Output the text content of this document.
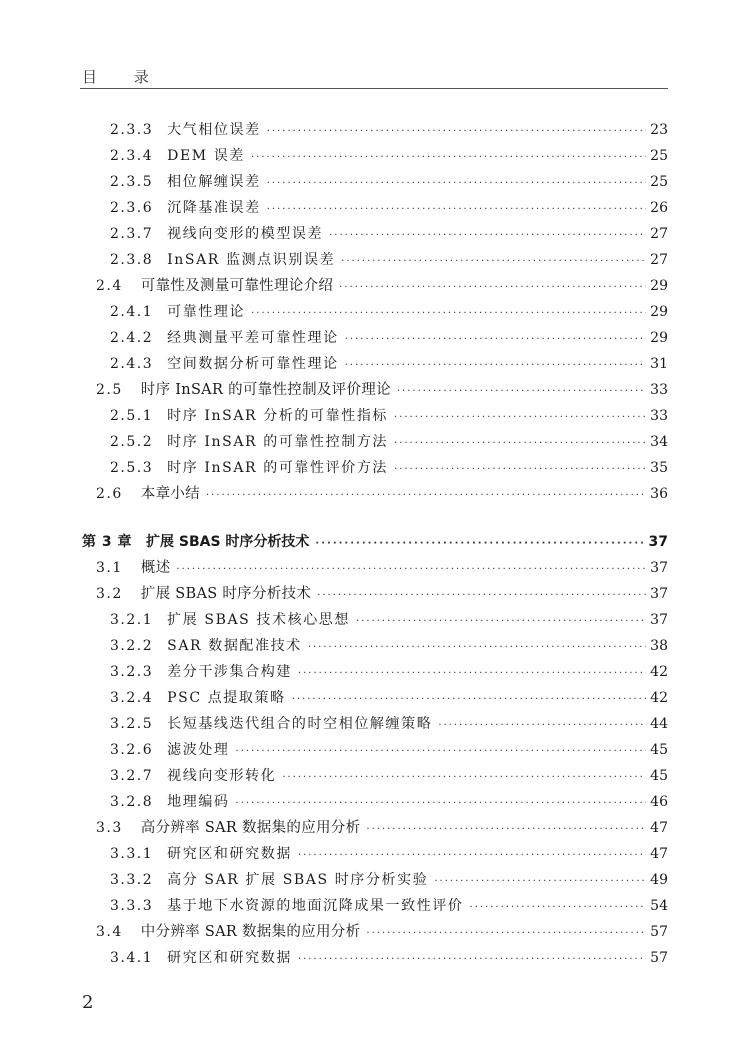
目 录
2.3.3	大气相位误差 ·····	23
2.3.4	DEM 误差 ·····	25
2.3.5	相位解缠误差 ·····	25
2.3.6	沉降基准误差 ·····	26
2.3.7	视线向变形的模型误差 ·····	27
2.3.8	InSAR 监测点识别误差 ·····	27
2.4	可靠性及测量可靠性理论介绍 ·····	29
2.4.1	可靠性理论 ·····	29
2.4.2	经典测量平差可靠性理论 ·····	29
2.4.3	空间数据分析可靠性理论 ·····	31
2.5	时序 InSAR 的可靠性控制及评价理论 ·····	33
2.5.1	时序 InSAR 分析的可靠性指标 ·····	33
2.5.2	时序 InSAR 的可靠性控制方法 ·····	34
2.5.3	时序 InSAR 的可靠性评价方法 ·····	35
2.6	本章小结 ·····	36
第 3 章	扩展 SBAS 时序分析技术 ·····	37
3.1	概述 ·····	37
3.2	扩展 SBAS 时序分析技术 ·····	37
3.2.1	扩展 SBAS 技术核心思想 ·····	37
3.2.2	SAR 数据配准技术 ·····	38
3.2.3	差分干涉集合构建 ·····	42
3.2.4	PSC 点提取策略 ·····	42
3.2.5	长短基线迭代组合的时空相位解缠策略 ·····	44
3.2.6	滤波处理 ·····	45
3.2.7	视线向变形转化 ·····	45
3.2.8	地理编码 ·····	46
3.3	高分辨率 SAR 数据集的应用分析 ·····	47
3.3.1	研究区和研究数据 ·····	47
3.3.2	高分 SAR 扩展 SBAS 时序分析实验 ·····	49
3.3.3	基于地下水资源的地面沉降成果一致性评价 ·····	54
3.4	中分辨率 SAR 数据集的应用分析 ·····	57
3.4.1	研究区和研究数据 ·····	57
2
